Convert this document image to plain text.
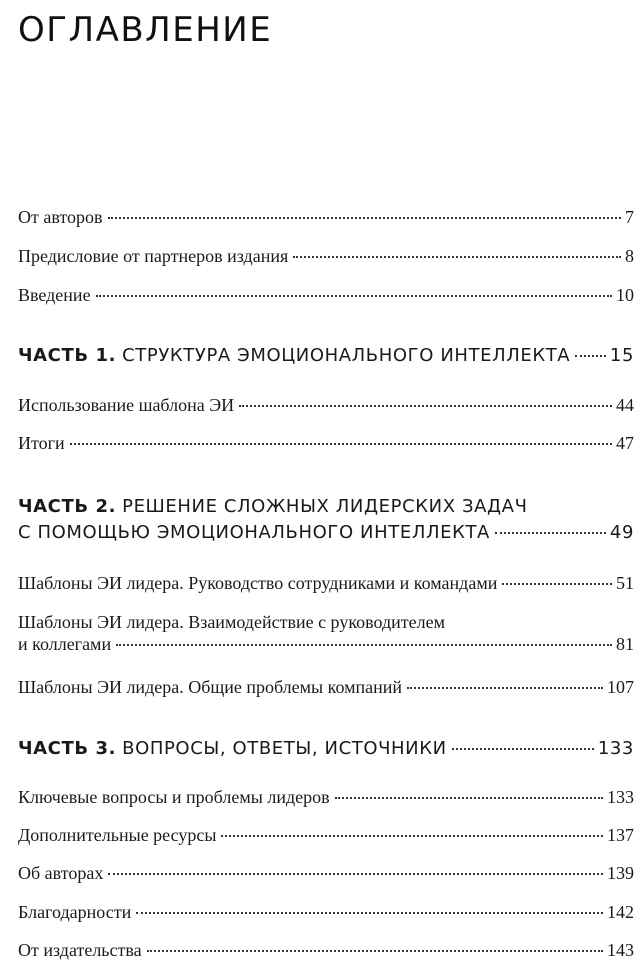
ОГЛАВЛЕНИЕ
От авторов	7
Предисловие от партнеров издания	8
Введение	10
ЧАСТЬ 1. СТРУКТУРА ЭМОЦИОНАЛЬНОГО ИНТЕЛЛЕКТА 15
Использование шаблона ЭИ	44
Итоги	47
ЧАСТЬ 2. РЕШЕНИЕ СЛОЖНЫХ ЛИДЕРСКИХ ЗАДАЧ
С ПОМОЩЬЮ ЭМОЦИОНАЛЬНОГО ИНТЕЛЛЕКТА	49
Шаблоны ЭИ лидера. Руководство сотрудниками и командами	51
Шаблоны ЭИ лидера. Взаимодействие с руководителем
и коллегами	81
Шаблоны ЭИ лидера. Общие проблемы компаний	107
ЧАСТЬ 3. ВОПРОСЫ, ОТВЕТЫ, ИСТОЧНИКИ	133
Ключевые вопросы и проблемы лидеров	133
Дополнительные ресурсы	137
Об авторах	139
Благодарности	142
От издательства	143
